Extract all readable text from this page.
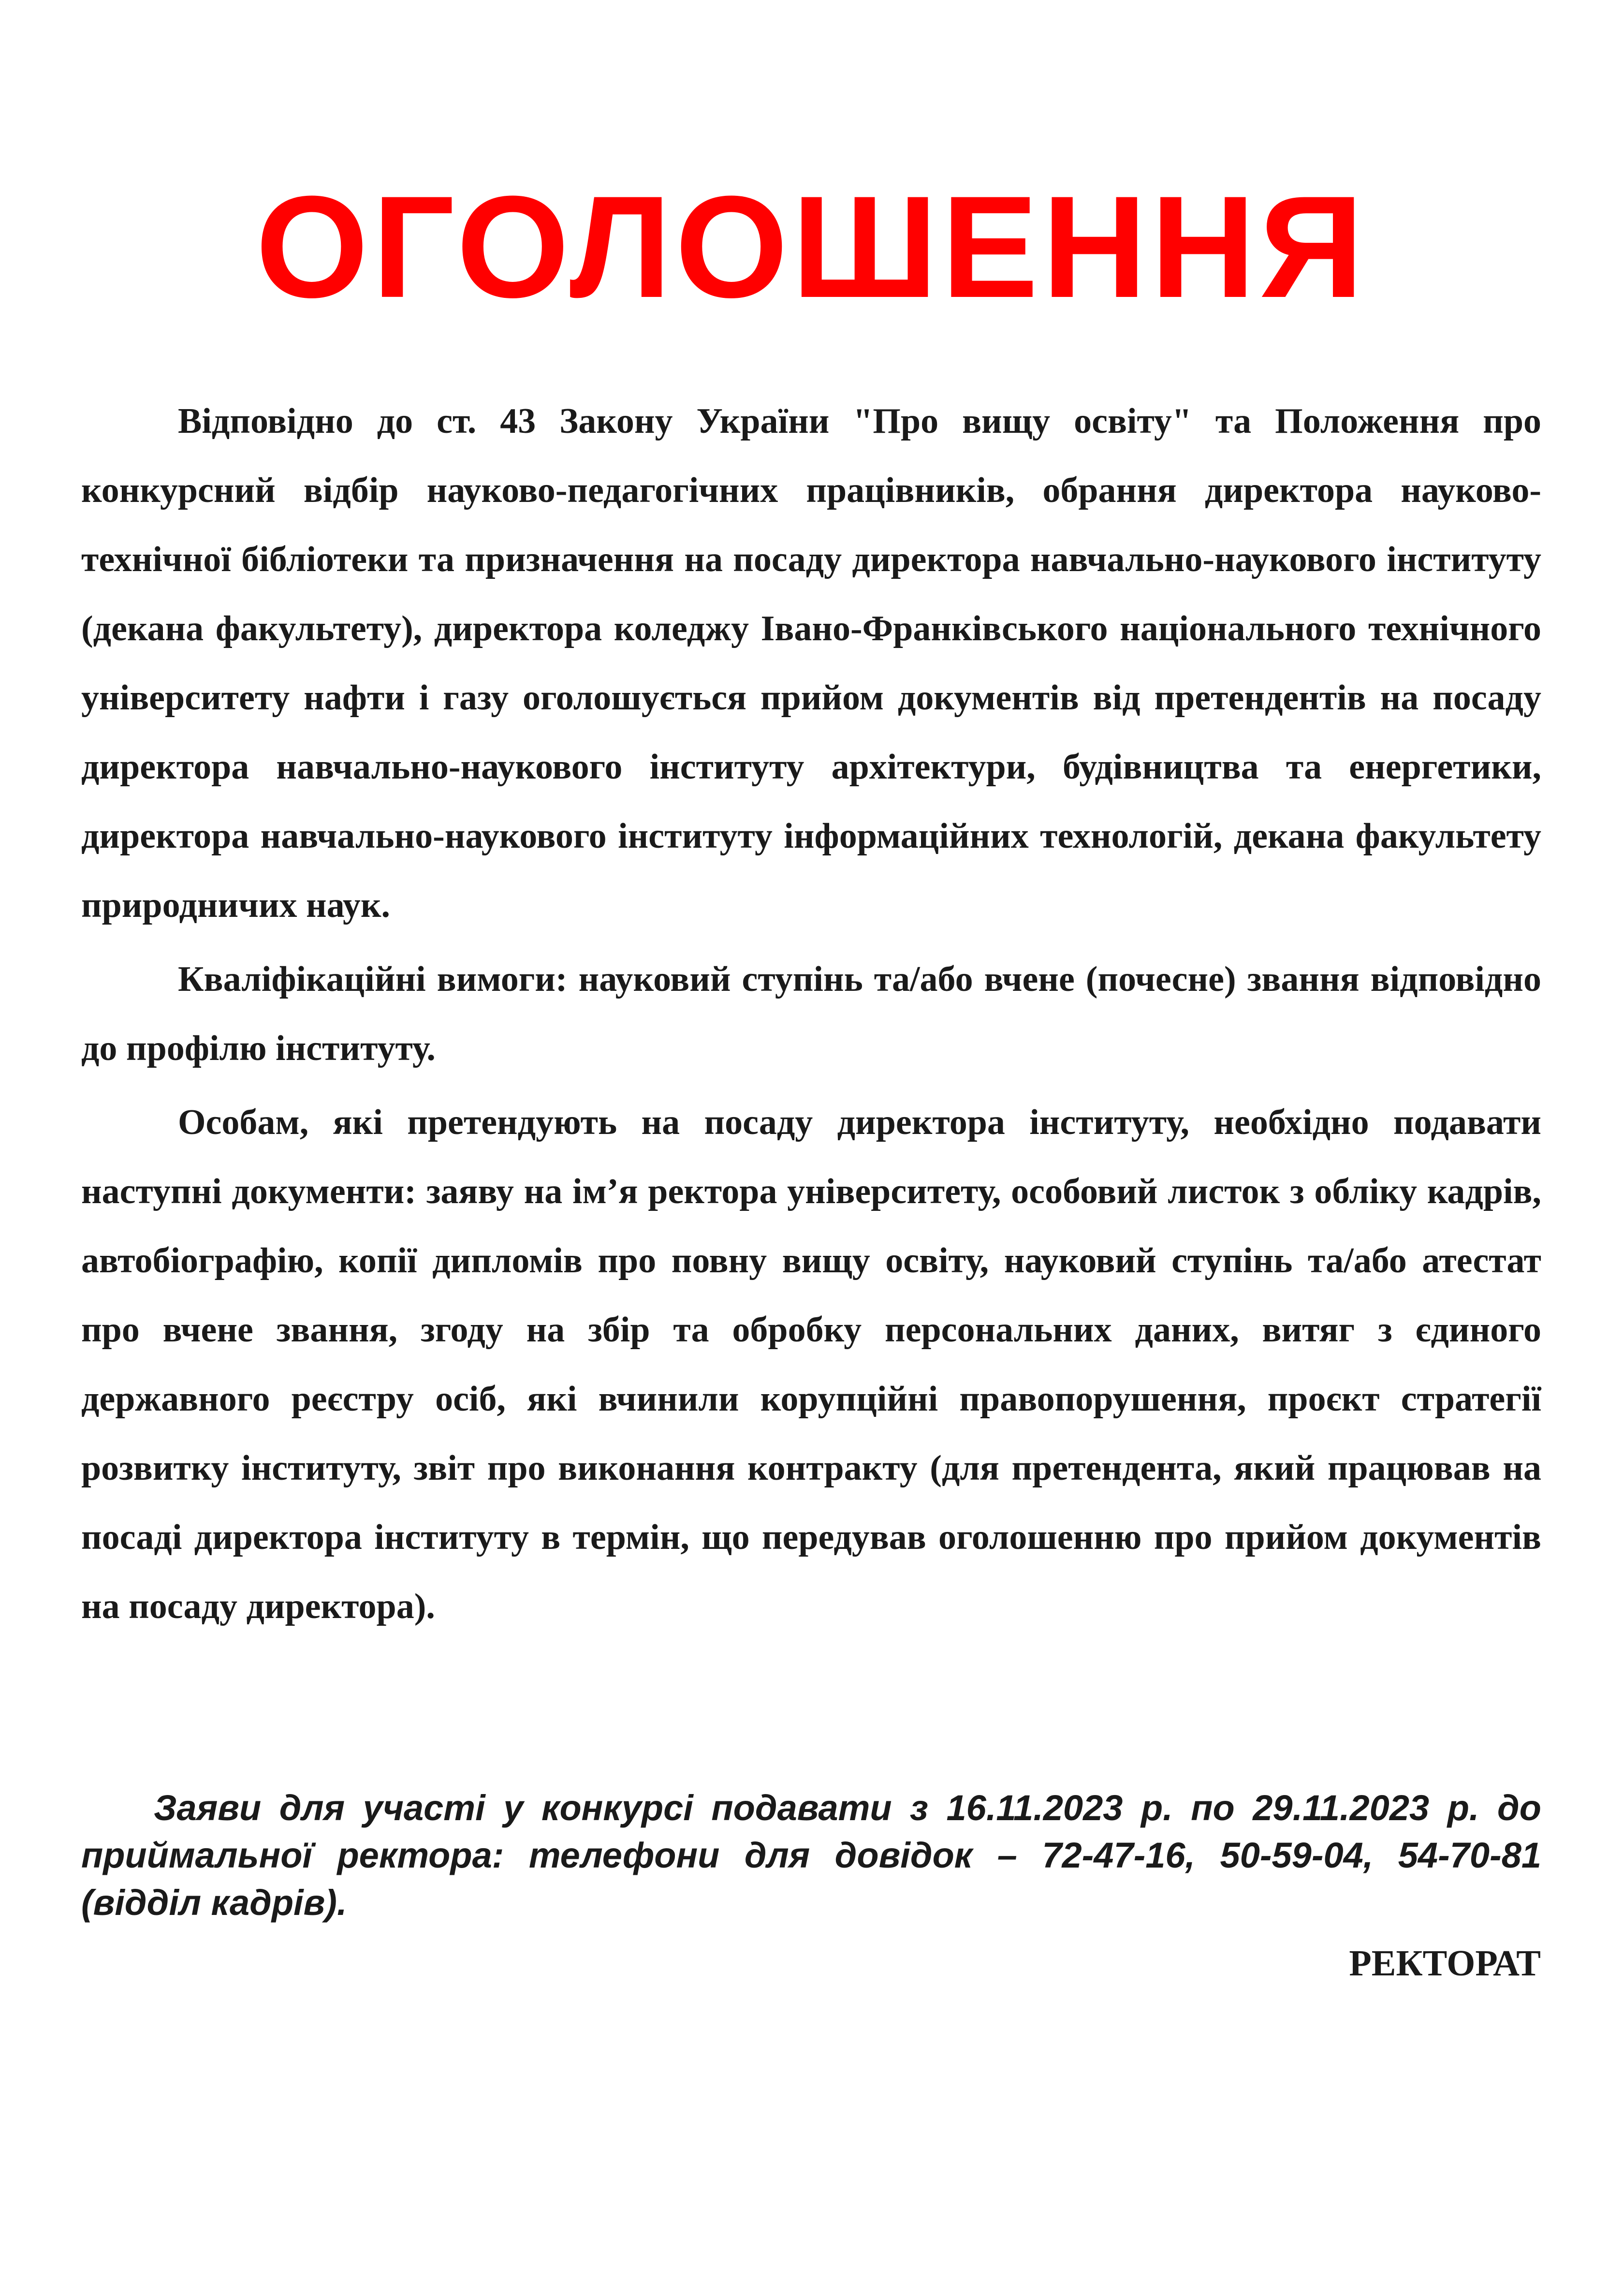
ОГОЛОШЕННЯ

Відповідно до ст. 43 Закону України "Про вищу освіту" та Положення про конкурсний відбір науково-педагогічних працівників, обрання директора науково-технічної бібліотеки та призначення на посаду директора навчально-наукового інституту (декана факультету), директора коледжу Івано-Франківського національного технічного університету нафти і газу оголошується прийом документів від претендентів на посаду директора навчально-наукового інституту архітектури, будівництва та енергетики, директора навчально-наукового інституту інформаційних технологій, декана факультету природничих наук.

Кваліфікаційні вимоги: науковий ступінь та/або вчене (почесне) звання відповідно до профілю інституту.

Особам, які претендують на посаду директора інституту, необхідно подавати наступні документи: заяву на ім’я ректора університету, особовий листок з обліку кадрів, автобіографію, копії дипломів про повну вищу освіту, науковий ступінь та/або атестат про вчене звання, згоду на збір та обробку персональних даних, витяг з єдиного державного реєстру осіб, які вчинили корупційні правопорушення, проєкт стратегії розвитку інституту, звіт про виконання контракту (для претендента, який працював на посаді директора інституту в термін, що передував оголошенню про прийом документів на посаду директора).

Заяви для участі у конкурсі подавати з 16.11.2023 р. по 29.11.2023 р. до приймальної ректора: телефони для довідок – 72-47-16, 50-59-04, 54-70-81 (відділ кадрів).

РЕКТОРАТ
